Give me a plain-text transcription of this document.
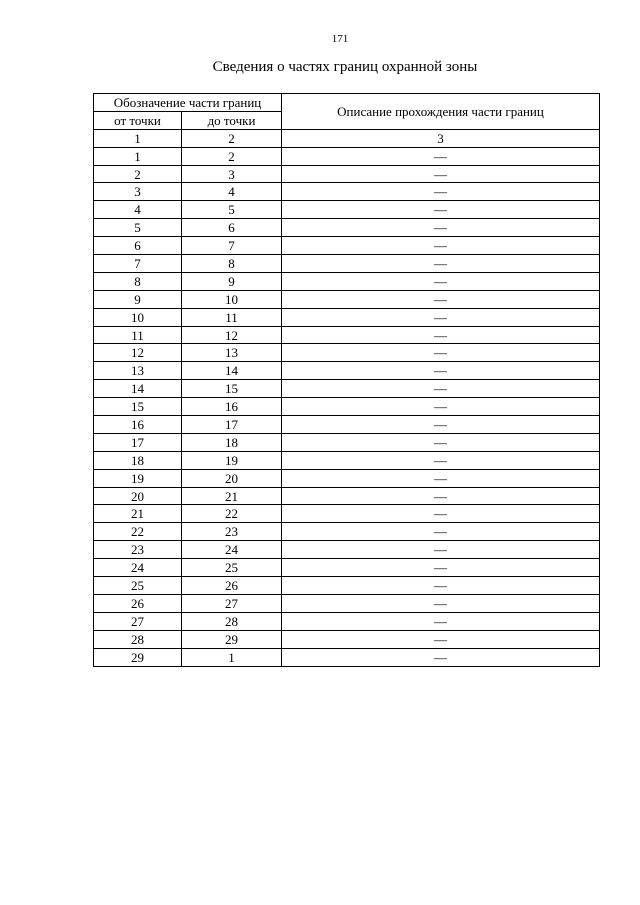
171
Сведения о частях границ охранной зоны
Обозначение части границ		Описание прохождения части границ
от точки	до точки	
1	2	3
1	2	—
2	3	—
3	4	—
4	5	—
5	6	—
6	7	—
7	8	—
8	9	—
9	10	—
10	11	—
11	12	—
12	13	—
13	14	—
14	15	—
15	16	—
16	17	—
17	18	—
18	19	—
19	20	—
20	21	—
21	22	—
22	23	—
23	24	—
24	25	—
25	26	—
26	27	—
27	28	—
28	29	—
29	1	—
